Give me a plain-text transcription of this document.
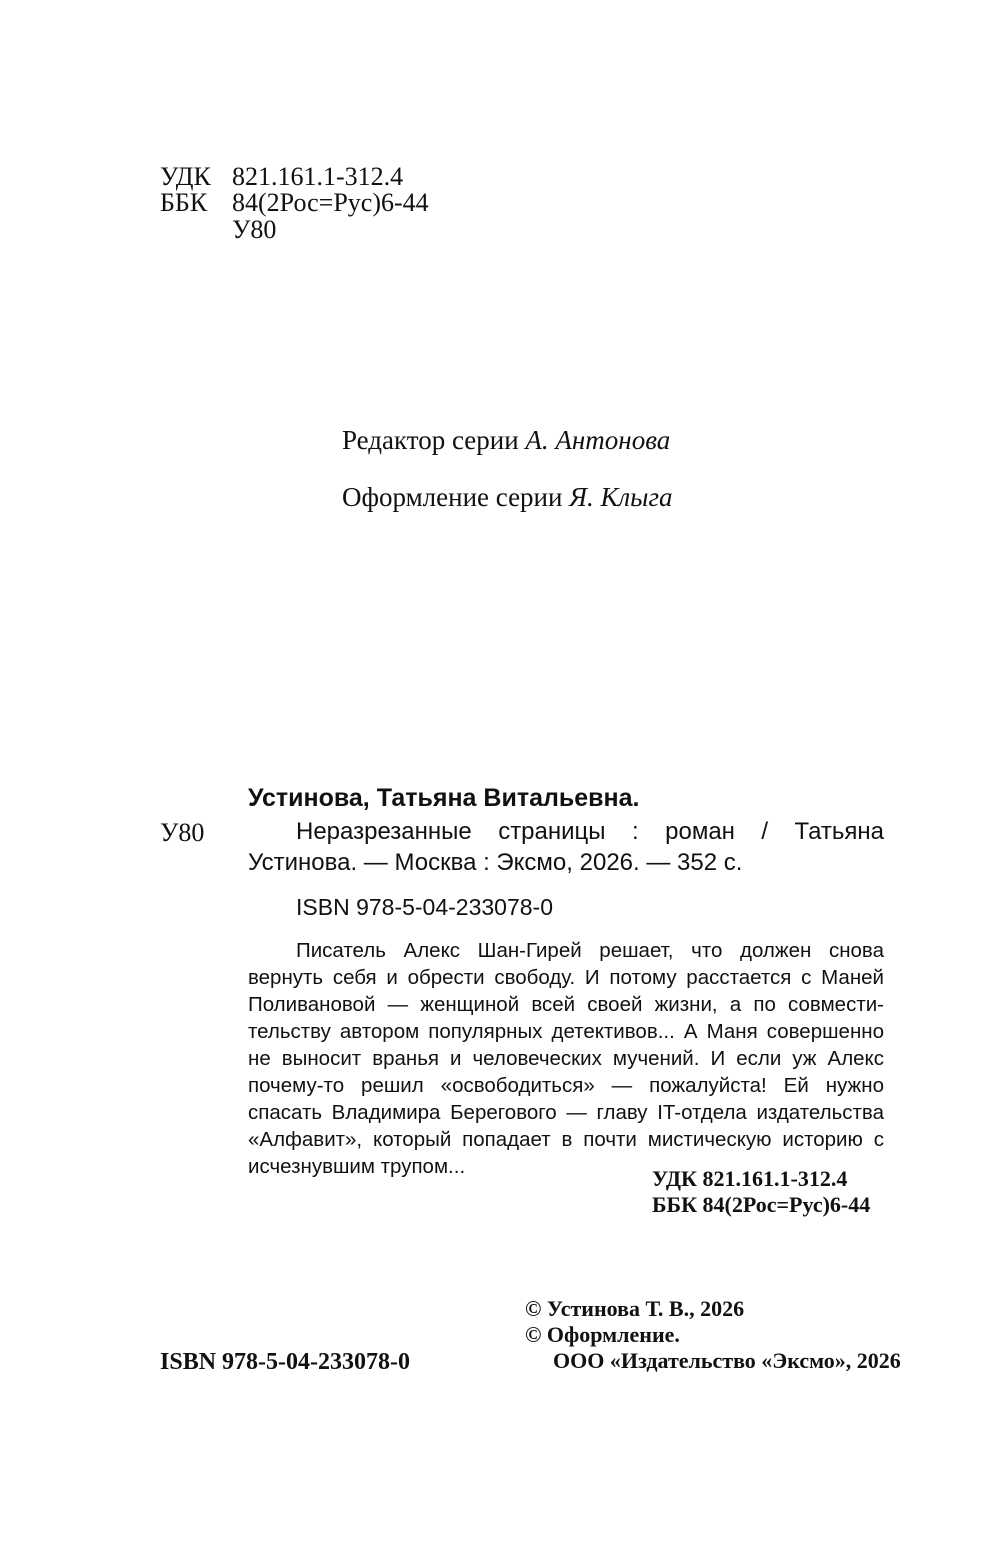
УДК 821.161.1-312.4
ББК 84(2Рос=Рус)6-44
У80
Редактор серии А. Антонова
Оформление серии Я. Клыга
Устинова, Татьяна Витальевна.
У80	Неразрезанные страницы : роман / Татьяна
Устинова. — Москва : Эксмо, 2026. — 352 с.
ISBN 978-5-04-233078-0
Писатель Алекс Шан-Гирей решает, что должен снова
вернуть себя и обрести свободу. И потому расстается с Маней
Поливановой — женщиной всей своей жизни, а по совмести-
тельству автором популярных детективов... А Маня совершенно
не выносит вранья и человеческих мучений. И если уж Алекс
почему-то решил «освободиться» — пожалуйста! Ей нужно
спасать Владимира Берегового — главу IT-отдела издательства
«Алфавит», который попадает в почти мистическую историю с
исчезнувшим трупом...	УДК 821.161.1-312.4
ББК 84(2Рос=Рус)6-44
ISBN 978-5-04-233078-0
© Устинова Т. В., 2026
© Оформление.
ООО «Издательство «Эксмо», 2026
